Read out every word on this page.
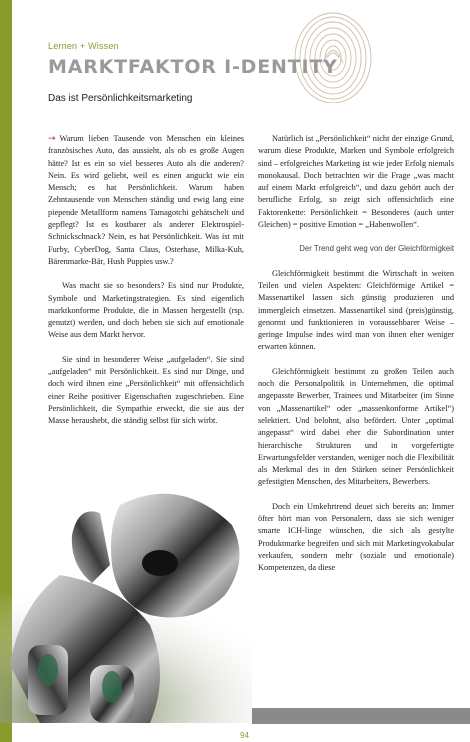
Lernen + Wissen
MARKTFAKTOR I-DENTITY
Das ist Persönlichkeitsmarketing

→ Warum lieben Tausende von Menschen ein kleines französisches Auto, das aussieht, als ob es große Augen hätte? Ist es ein so viel besseres Auto als die anderen? Nein. Es wird geliebt, weil es einen anguckt wie ein Mensch; es hat Persönlichkeit. Warum haben Zehntausende von Menschen ständig und ewig lang eine piepende Metallform namens Tamagotchi gehätschelt und gepflegt? Ist es kostbarer als anderer Elektrospiel-Schnickschnack? Nein, es hat Persönlichkeit. Was ist mit Furby, CyberDog, Santa Claus, Osterhase, Milka-Kuh, Bärenmarke-Bär, Hush Puppies usw.?

Was macht sie so besonders? Es sind nur Produkte, Symbole und Marketingstrategien. Es sind eigentlich marktkonforme Produkte, die in Massen hergestellt (rsp. genutzt) werden, und doch heben sie sich auf emotionale Weise aus dem Markt hervor.

Sie sind in besonderer Weise „aufgeladen“. Sie sind „aufgeladen“ mit Persönlichkeit. Es sind nur Dinge, und doch wird ihnen eine „Persönlichkeit“ mit offensichtlich einer Reihe positiver Eigenschaften zugeschrieben. Eine Persönlichkeit, die Sympathie erweckt, die sie aus der Masse heraushebt, die ständig selbst für sich wirbt.

Natürlich ist „Persönlichkeit“ nicht der einzige Grund, warum diese Produkte, Marken und Symbole erfolgreich sind – erfolgreiches Marketing ist wie jeder Erfolg niemals monokausal. Doch betrachten wir die Frage „was macht auf einem Markt erfolgreich“, und dazu gehört auch der berufliche Erfolg, so zeigt sich offensichtlich eine Faktorenkette: Persönlichkeit = Besonderes (auch unter Gleichen) = positive Emotion = „Habenwollen“.

Der Trend geht weg von der Gleichförmigkeit

Gleichförmigkeit bestimmt die Wirtschaft in weiten Teilen und vielen Aspekten: Gleichförmige Artikel = Massenartikel lassen sich günstig produzieren und immergleich einsetzen. Massenartikel sind (preis)günstig, genormt und funktionieren in voraussehbarer Weise – geringe Impulse indes wird man von ihnen eher weniger erwarten können.

Gleichförmigkeit bestimmt zu großen Teilen auch noch die Personalpolitik in Unternehmen, die optimal angepasste Bewerber, Trainees und Mitarbeiter (im Sinne von „Massenartikel“ oder „massenkonforme Artikel“) selektiert. Und belohnt, also befördert. Unter „optimal angepasst“ wird dabei eher die Subordination unter hierarchische Strukturen und in vorgefertigte Erwartungsfelder verstanden, weniger noch die Flexibilität als Merkmal des in den Stärken seiner Persönlichkeit gefestigten Menschen, des Mitarbeiters, Bewerbers.

Doch ein Umkehrtrend deuet sich bereits an: Immer öfter hört man von Personalern, dass sie sich weniger smarte ICH-linge wünschen, die sich als gestylte Produktmarke begreifen und sich mit Marketingvokabular verkaufen, sondern mehr (soziale und emotionale) Kompetenzen, da diese

94
